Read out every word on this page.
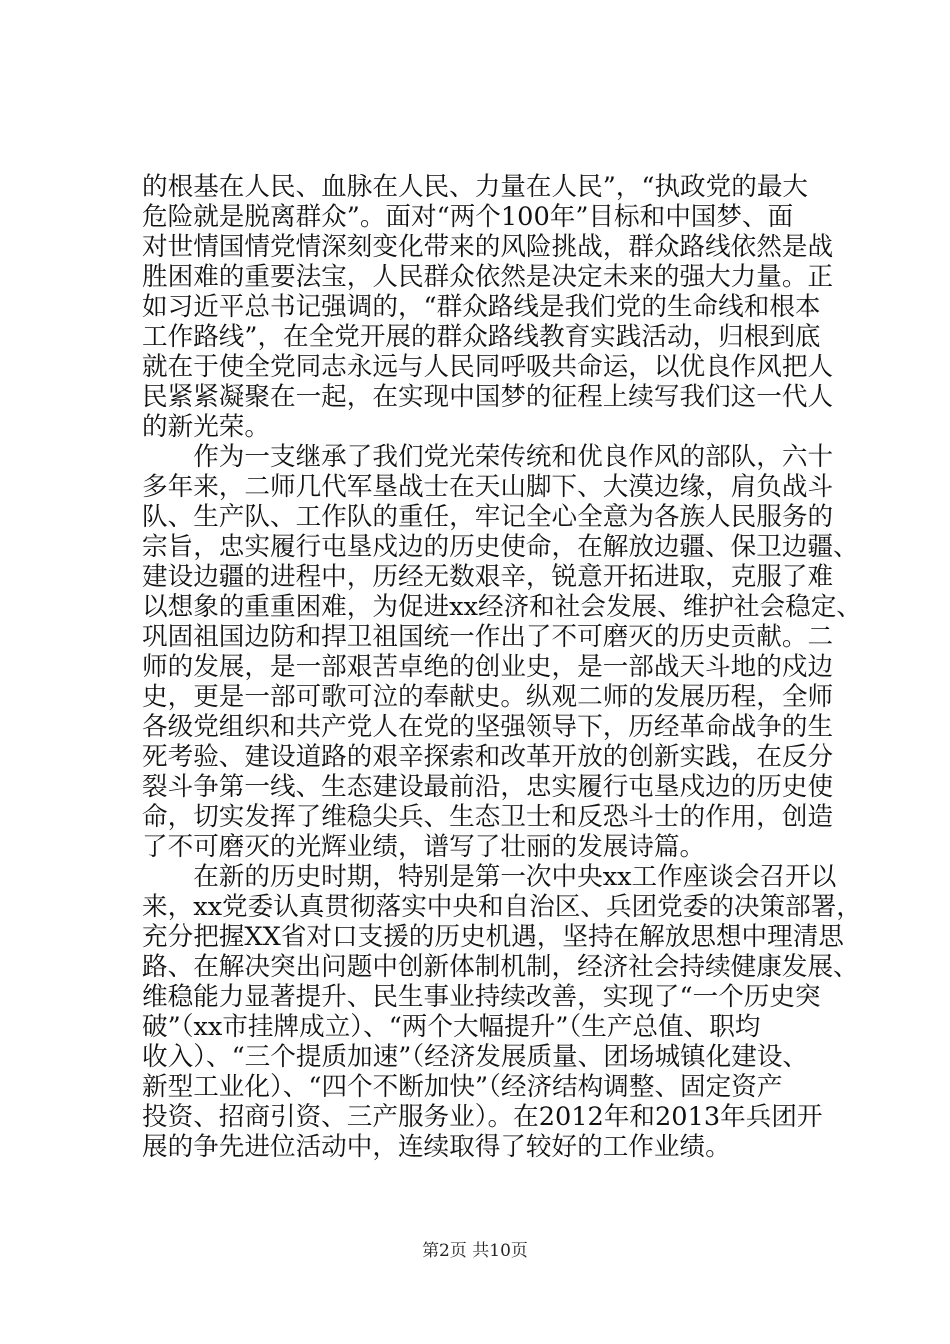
的根基在人民、血脉在人民、力量在人民”，“执政党的最大
危险就是脱离群众”。面对“两个100年”目标和中国梦、面
对世情国情党情深刻变化带来的风险挑战，群众路线依然是战
胜困难的重要法宝，人民群众依然是决定未来的强大力量。正
如习近平总书记强调的，“群众路线是我们党的生命线和根本
工作路线”，在全党开展的群众路线教育实践活动，归根到底
就在于使全党同志永远与人民同呼吸共命运，以优良作风把人
民紧紧凝聚在一起，在实现中国梦的征程上续写我们这一代人
的新光荣。
　　作为一支继承了我们党光荣传统和优良作风的部队，六十
多年来，二师几代军垦战士在天山脚下、大漠边缘，肩负战斗
队、生产队、工作队的重任，牢记全心全意为各族人民服务的
宗旨，忠实履行屯垦戍边的历史使命，在解放边疆、保卫边疆、
建设边疆的进程中，历经无数艰辛，锐意开拓进取，克服了难
以想象的重重困难，为促进xx经济和社会发展、维护社会稳定、
巩固祖国边防和捍卫祖国统一作出了不可磨灭的历史贡献。二
师的发展，是一部艰苦卓绝的创业史，是一部战天斗地的戍边
史，更是一部可歌可泣的奉献史。纵观二师的发展历程，全师
各级党组织和共产党人在党的坚强领导下，历经革命战争的生
死考验、建设道路的艰辛探索和改革开放的创新实践，在反分
裂斗争第一线、生态建设最前沿，忠实履行屯垦戍边的历史使
命，切实发挥了维稳尖兵、生态卫士和反恐斗士的作用，创造
了不可磨灭的光辉业绩，谱写了壮丽的发展诗篇。
　　在新的历史时期，特别是第一次中央xx工作座谈会召开以
来，xx党委认真贯彻落实中央和自治区、兵团党委的决策部署，
充分把握XX省对口支援的历史机遇，坚持在解放思想中理清思
路、在解决突出问题中创新体制机制，经济社会持续健康发展、
维稳能力显著提升、民生事业持续改善，实现了“一个历史突
破”（xx市挂牌成立）、“两个大幅提升”（生产总值、职均
收入）、“三个提质加速”（经济发展质量、团场城镇化建设、
新型工业化）、“四个不断加快”（经济结构调整、固定资产
投资、招商引资、三产服务业）。在2012年和2013年兵团开
展的争先进位活动中，连续取得了较好的工作业绩。
第2页 共10页
